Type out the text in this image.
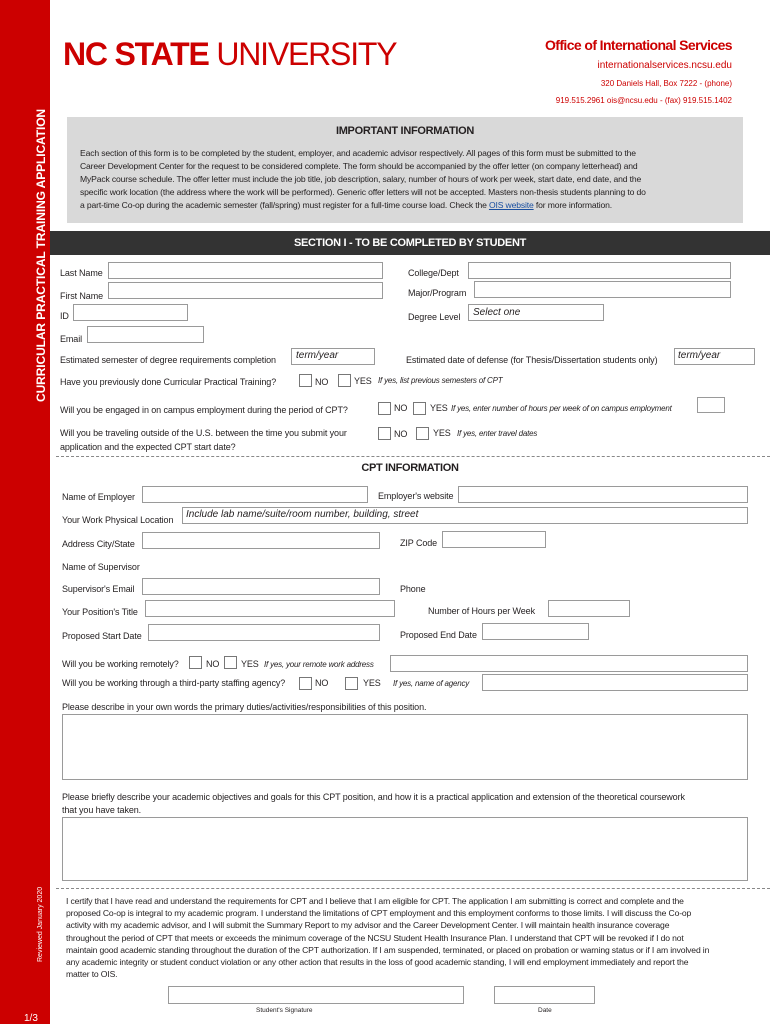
CURRICULAR PRACTICAL TRAINING APPLICATION
Reviewed January 2020
1/3
NC STATE UNIVERSITY	Office of International Services
internationalservices.ncsu.edu
320 Daniels Hall, Box 7222 - (phone)
919.515.2961 ois@ncsu.edu - (fax) 919.515.1402
IMPORTANT INFORMATION
Each section of this form is to be completed by the student, employer, and academic advisor respectively. All pages of this form must be submitted to the
Career Development Center for the request to be considered complete. The form should be accompanied by the offer letter (on company letterhead) and
MyPack course schedule. The offer letter must include the job title, job description, salary, number of hours of work per week, start date, end date, and the
specific work location (the address where the work will be performed). Generic offer letters will not be accepted. Masters non-thesis students planning to do
a part-time Co-op during the academic semester (fall/spring) must register for a full-time course load. Check the OIS website for more information.
SECTION I - TO BE COMPLETED BY STUDENT
Last Name	College/Dept
First Name	Major/Program
ID	Degree Level Select one
Email
Estimated semester of degree requirements completion term/year	Estimated date of defense (for Thesis/Dissertation students only) term/year
Have you previously done Curricular Practical Training?	NO	YES If yes, list previous semesters of CPT
Will you be engaged in on campus employment during the period of CPT?	NO	YES If yes, enter number of hours per week of on campus employment
Will you be traveling outside of the U.S. between the time you submit your
application and the expected CPT start date?
NO	YES If yes, enter travel dates
CPT INFORMATION
Name of Employer	Employer's website
Your Work Physical Location Include lab name/suite/room number, building, street
Address City/State	ZIP Code
Name of Supervisor
Supervisor's Email	Phone
Your Position's Title	Number of Hours per Week
Proposed Start Date	Proposed End Date
Will you be working remotely?	NO YES If yes, your remote work address
Will you be working through a third-party staffing agency?	NO	YES If yes, name of agency
Please describe in your own words the primary duties/activities/responsibilities of this position.
Please briefly describe your academic objectives and goals for this CPT position, and how it is a practical application and extension of the theoretical coursework
that you have taken.
I certify that I have read and understand the requirements for CPT and I believe that I am eligible for CPT. The application I am submitting is correct and complete and the
proposed Co-op is integral to my academic program. I understand the limitations of CPT employment and this employment conforms to those limits. I will discuss the Co-op
activity with my academic advisor, and I will submit the Summary Report to my advisor and the Career Development Center. I will maintain health insurance coverage
throughout the period of CPT that meets or exceeds the minimum coverage of the NCSU Student Health Insurance Plan. I understand that CPT will be revoked if I do not
maintain good academic standing throughout the duration of the CPT authorization. If I am suspended, terminated, or placed on probation or warning status or if I am involved in
any academic integrity or student conduct violation or any other action that results in the loss of good academic standing, I will end employment immediately and report the
matter to OIS.
Student's Signature	Date
